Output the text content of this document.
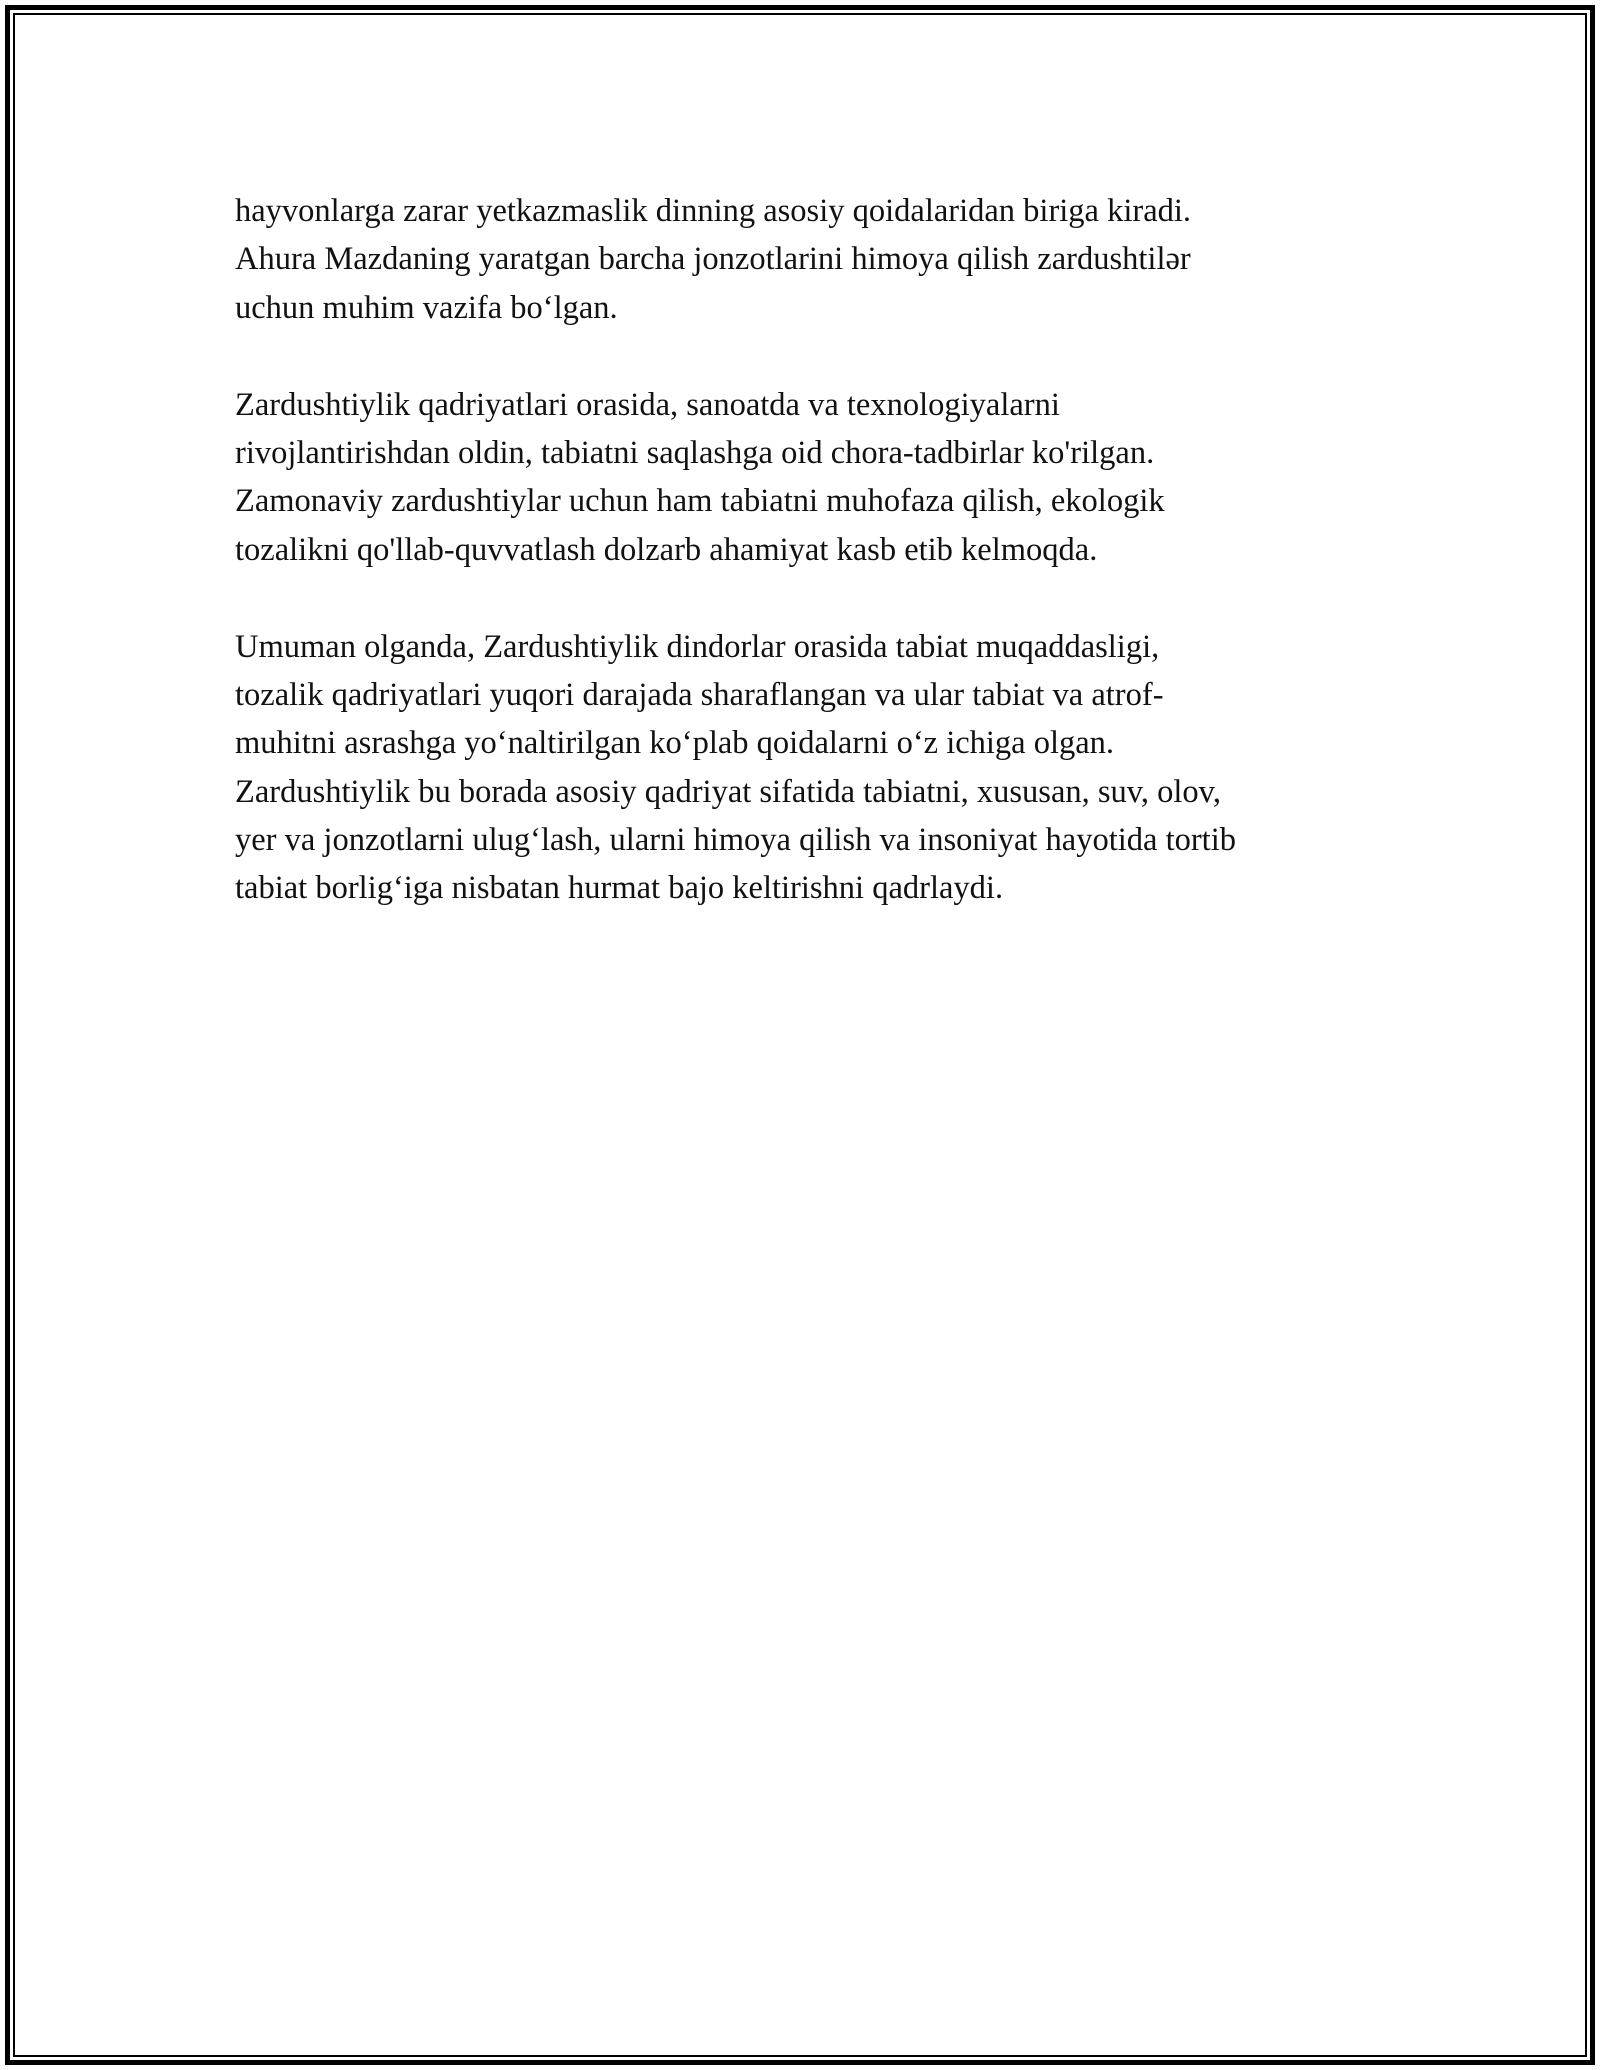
hayvonlarga zarar yetkazmaslik dinning asosiy qoidalaridan biriga kiradi.
Ahura Mazdaning yaratgan barcha jonzotlarini himoya qilish zardushtilər
uchun muhim vazifa bo‘lgan.
Zardushtiylik qadriyatlari orasida, sanoatda va texnologiyalarni
rivojlantirishdan oldin, tabiatni saqlashga oid chora-tadbirlar ko'rilgan.
Zamonaviy zardushtiylar uchun ham tabiatni muhofaza qilish, ekologik
tozalikni qo'llab-quvvatlash dolzarb ahamiyat kasb etib kelmoqda.
Umuman olganda, Zardushtiylik dindorlar orasida tabiat muqaddasligi,
tozalik qadriyatlari yuqori darajada sharaflangan va ular tabiat va atrof-
muhitni asrashga yo‘naltirilgan ko‘plab qoidalarni o‘z ichiga olgan.
Zardushtiylik bu borada asosiy qadriyat sifatida tabiatni, xususan, suv, olov,
yer va jonzotlarni ulug‘lash, ularni himoya qilish va insoniyat hayotida tortib
tabiat borlig‘iga nisbatan hurmat bajo keltirishni qadrlaydi.
